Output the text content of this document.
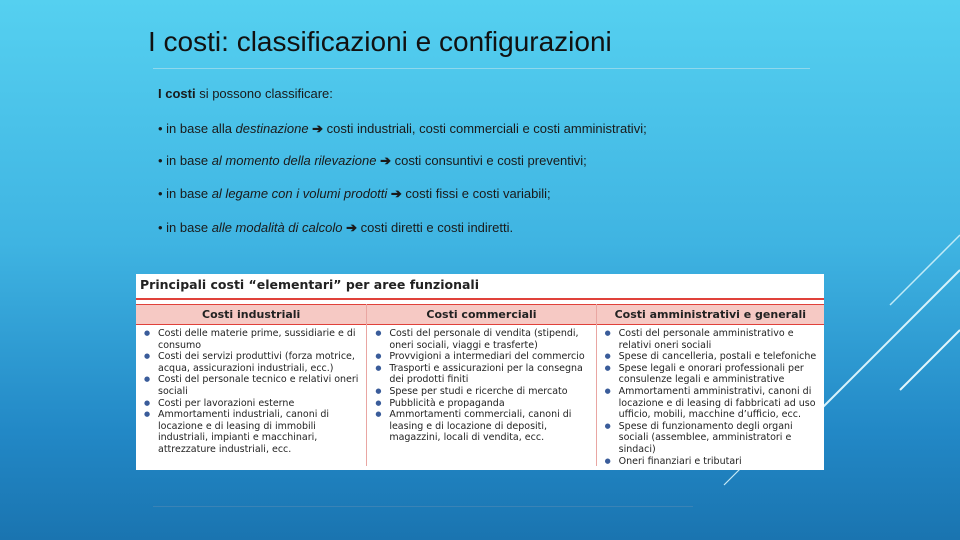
I costi: classificazioni e configurazioni
I costi si possono classificare:
• in base alla destinazione ➔ costi industriali, costi commerciali e costi amministrativi;
• in base al momento della rilevazione ➔ costi consuntivi e costi preventivi;
• in base al legame con i volumi prodotti ➔ costi fissi e costi variabili;
• in base alle modalità di calcolo ➔ costi diretti e costi indiretti.
Principali costi “elementari” per aree funzionali
Costi industriali
● Costi delle materie prime, sussidiarie e di consumo
● Costi dei servizi produttivi (forza motrice, acqua, assicurazioni industriali, ecc.)
● Costi del personale tecnico e relativi oneri sociali
● Costi per lavorazioni esterne
● Ammortamenti industriali, canoni di locazione e di leasing di immobili industriali, impianti e macchinari, attrezzature industriali, ecc.
Costi commerciali
● Costi del personale di vendita (stipendi, oneri sociali, viaggi e trasferte)
● Provvigioni a intermediari del commercio
● Trasporti e assicurazioni per la consegna dei prodotti finiti
● Spese per studi e ricerche di mercato
● Pubblicità e propaganda
● Ammortamenti commerciali, canoni di leasing e di locazione di depositi, magazzini, locali di vendita, ecc.
Costi amministrativi e generali
● Costi del personale amministrativo e relativi oneri sociali
● Spese di cancelleria, postali e telefoniche
● Spese legali e onorari professionali per consulenze legali e amministrative
● Ammortamenti amministrativi, canoni di locazione e di leasing di fabbricati ad uso ufficio, mobili, macchine d’ufficio, ecc.
● Spese di funzionamento degli organi sociali (assemblee, amministratori e sindaci)
● Oneri finanziari e tributari
